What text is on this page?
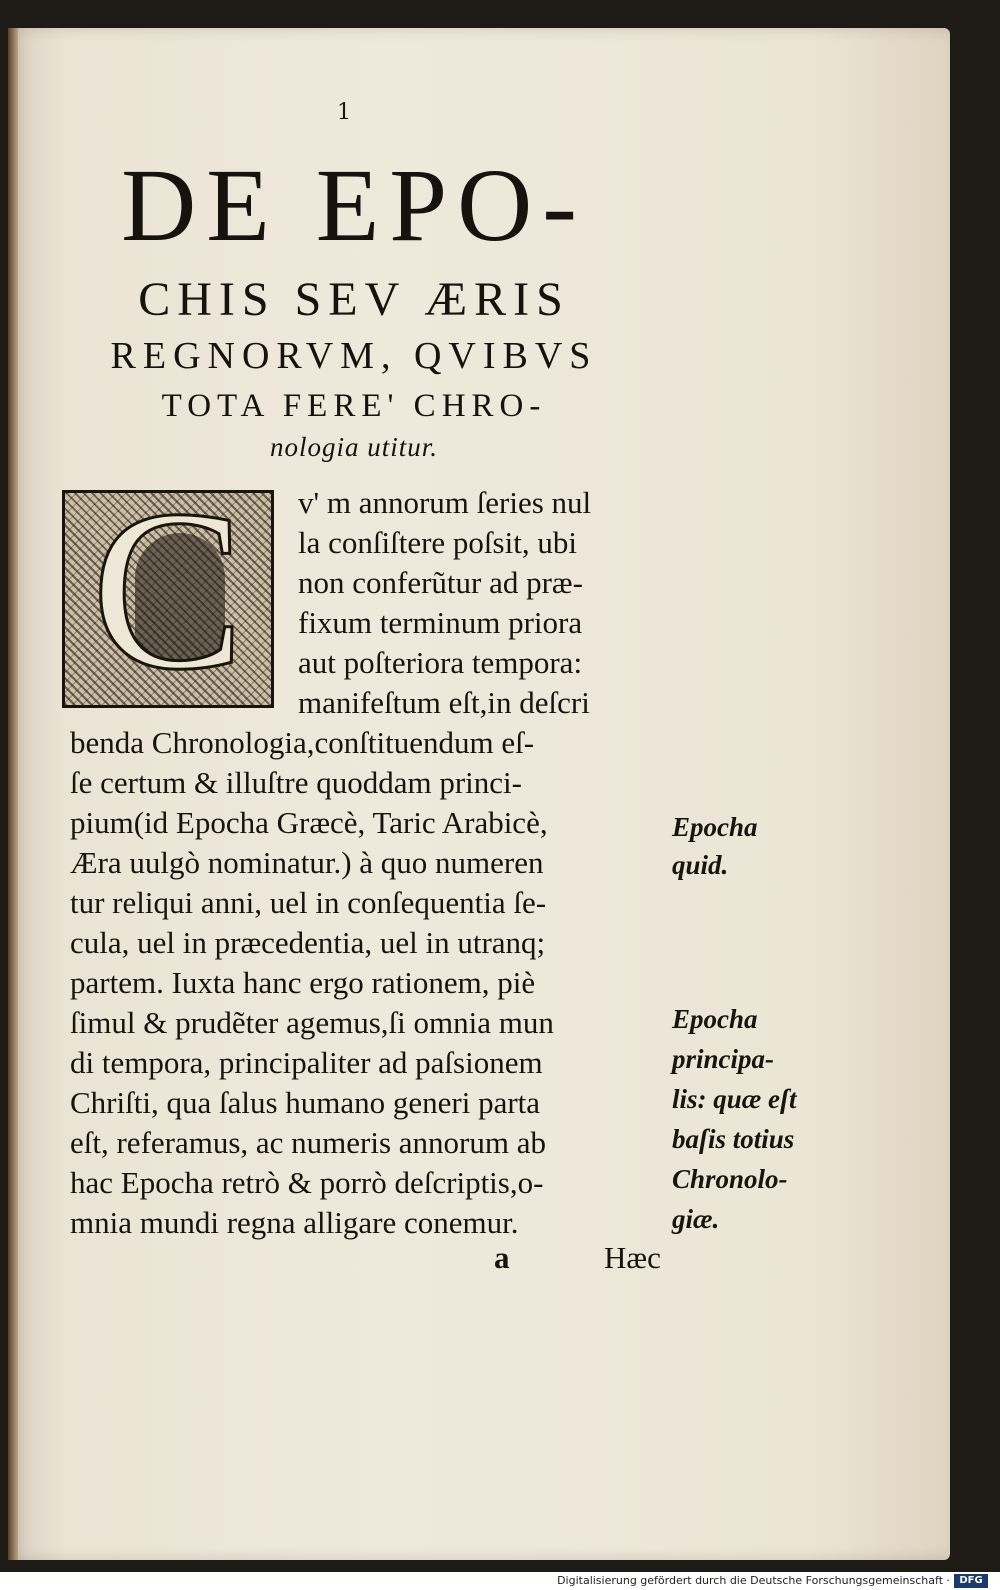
1
DE EPO-
CHIS SEV ÆRIS
REGNORVM, QVIBVS
TOTA FERE' CHRO-
nologia utitur.
C	v' m annorum ſeries nul

la conſiſtere poſsit, ubi

non conferũtur ad præ-

fixum terminum priora

aut poſteriora tempora:

manifeſtum eſt,in deſcri

benda Chronologia,conſtituendum eſ-

ſe certum & illuſtre quoddam princi-

pium(id Epocha Græcè, Taric Arabicè,

Æra uulgò nominatur.) à quo numeren

tur reliqui anni, uel in conſequentia ſe-

cula, uel in præcedentia, uel in utranq;

partem. Iuxta hanc ergo rationem, piè

ſimul & prudẽter agemus,ſi omnia mun

di tempora, principaliter ad paſsionem

Chriſti, qua ſalus humano generi parta

eſt, referamus, ac numeris annorum ab

hac Epocha retrò & porrò deſcriptis,o-

mnia mundi regna alligare conemur.

Epocha
quid.
Epocha
principa-
lis: quæ eſt
baſis totius
Chronolo-
giæ.
a	Hæc
Digitalisierung gefördert durch die Deutsche Forschungsgemeinschaft · DFG
